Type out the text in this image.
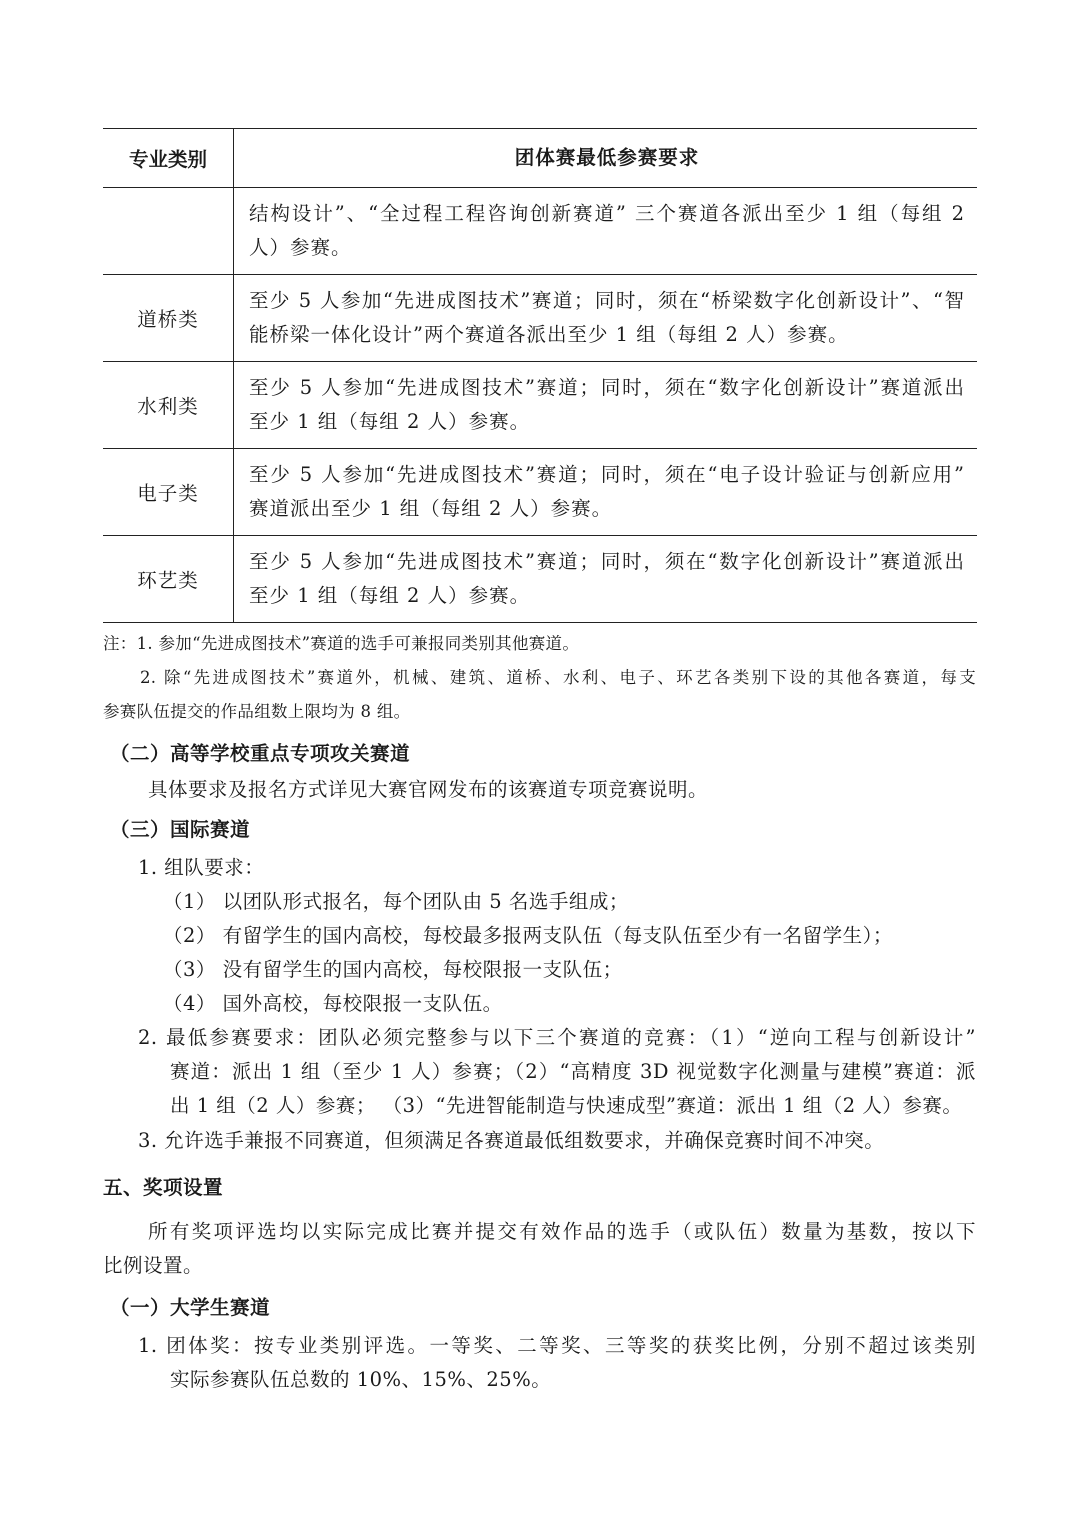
专业类别	团体赛最低参赛要求

	结构设计”、“全过程工程咨询创新赛道” 三个赛道各派出至少 1 组（每组 2
人）参赛。

道桥类	至少 5 人参加“先进成图技术”赛道；同时，须在“桥梁数字化创新设计”、“智
能桥梁一体化设计”两个赛道各派出至少 1 组（每组 2 人）参赛。

水利类	至少 5 人参加“先进成图技术”赛道；同时，须在“数字化创新设计”赛道派出
至少 1 组（每组 2 人）参赛。

电子类	至少 5 人参加“先进成图技术”赛道；同时，须在“电子设计验证与创新应用”
赛道派出至少 1 组（每组 2 人）参赛。

环艺类	至少 5 人参加“先进成图技术”赛道；同时，须在“数字化创新设计”赛道派出
至少 1 组（每组 2 人）参赛。
注：1. 参加“先进成图技术”赛道的选手可兼报同类别其他赛道。
2. 除“先进成图技术”赛道外，机械、建筑、道桥、水利、电子、环艺各类别下设的其他各赛道，每支
参赛队伍提交的作品组数上限均为 8 组。
（二）高等学校重点专项攻关赛道
具体要求及报名方式详见大赛官网发布的该赛道专项竞赛说明。
（三）国际赛道
1. 组队要求：
（1） 以团队形式报名，每个团队由 5 名选手组成；
（2） 有留学生的国内高校，每校最多报两支队伍（每支队伍至少有一名留学生）；
（3） 没有留学生的国内高校，每校限报一支队伍；
（4） 国外高校，每校限报一支队伍。
2. 最低参赛要求：团队必须完整参与以下三个赛道的竞赛：（1）“逆向工程与创新设计”
赛道：派出 1 组（至少 1 人）参赛；（2）“高精度 3D 视觉数字化测量与建模”赛道：派
出 1 组（2 人）参赛； （3）“先进智能制造与快速成型”赛道：派出 1 组（2 人）参赛。
3. 允许选手兼报不同赛道，但须满足各赛道最低组数要求，并确保竞赛时间不冲突。
五、奖项设置
所有奖项评选均以实际完成比赛并提交有效作品的选手（或队伍）数量为基数，按以下
比例设置。
（一）大学生赛道
1. 团体奖：按专业类别评选。一等奖、二等奖、三等奖的获奖比例，分别不超过该类别
实际参赛队伍总数的 10%、15%、25%。
